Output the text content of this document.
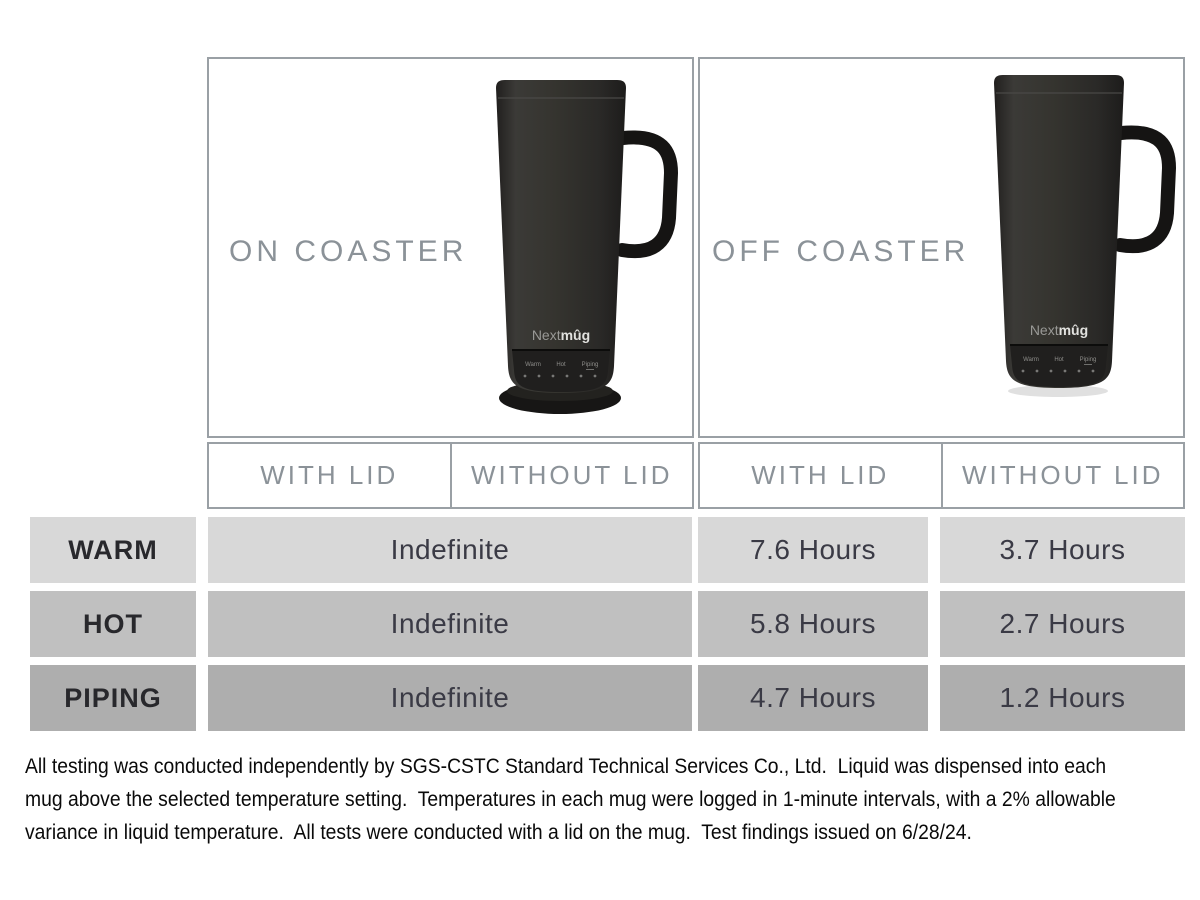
ON COASTER
Nextmûg
Warm	Hot	Piping
OFF COASTER
Nextmûg
Warm	Hot	Piping
WITH LID	WITHOUT LID	WITH LID	WITHOUT LID
WARM	Indefinite	7.6 Hours	3.7 Hours
HOT	Indefinite	5.8 Hours	2.7 Hours
PIPING	Indefinite	4.7 Hours	1.2 Hours
All testing was conducted independently by SGS-CSTC Standard Technical Services Co., Ltd.  Liquid was dispensed into each
mug above the selected temperature setting.  Temperatures in each mug were logged in 1-minute intervals, with a 2% allowable
variance in liquid temperature.  All tests were conducted with a lid on the mug.  Test findings issued on 6/28/24.
